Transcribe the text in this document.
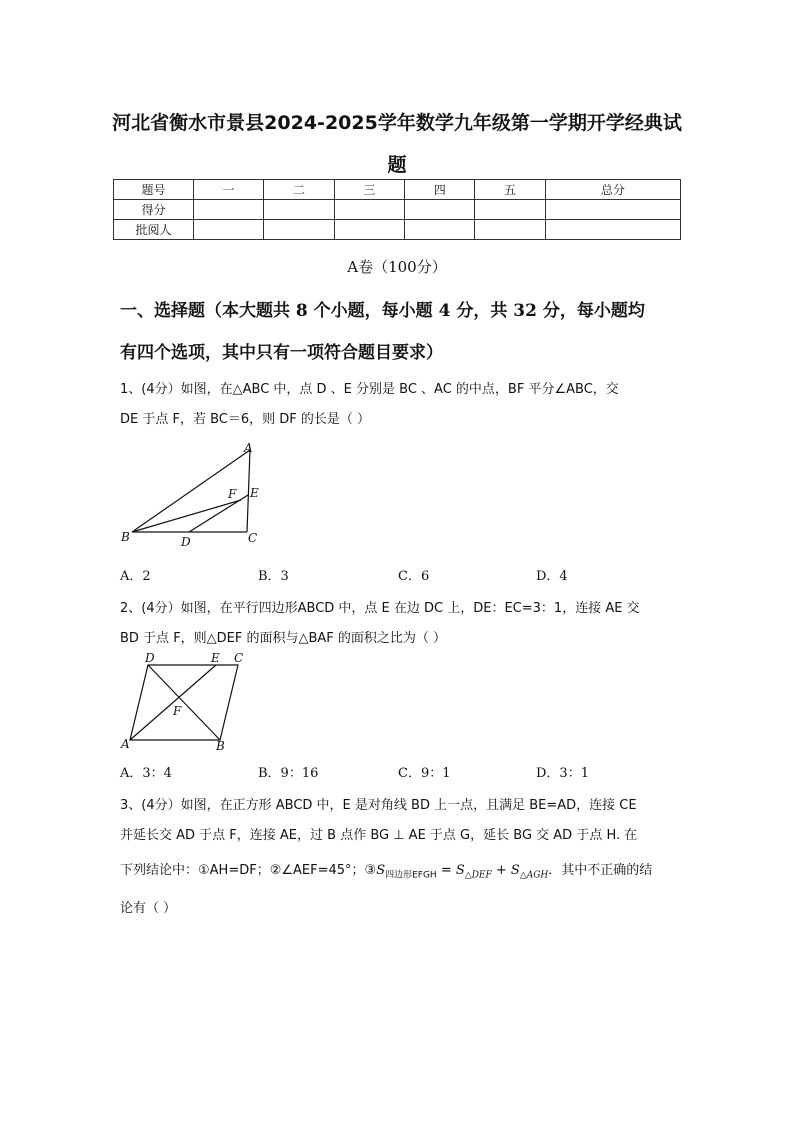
河北省衡水市景县2024-2025学年数学九年级第一学期开学经典试
题
题号	一	二	三	四	五	总分
得分						
批阅人						
A卷（100分）
一、选择题（本大题共 8 个小题，每小题 4 分，共 32 分，每小题均
有四个选项，其中只有一项符合题目要求）
1、(4分）如图，在△ABC 中，点 D 、E 分别是 BC 、AC 的中点，BF 平分∠ABC，交
DE 于点 F，若 BC＝6，则 DF 的长是（ ）
A
F E
B	D	C
A．2	B．3	C．6	D．4
2、(4分）如图，在平行四边形ABCD 中，点 E 在边 DC 上，DE：EC=3：1，连接 AE 交
BD 于点 F，则△DEF 的面积与△BAF 的面积之比为（ ）
D	E C
F
A	B
A．3：4	B．9：16	C．9：1	D．3：1
3、(4分）如图，在正方形 ABCD 中，E 是对角线 BD 上一点，且满足 BE=AD，连接 CE
并延长交 AD 于点 F，连接 AE，过 B 点作 BG ⊥ AE 于点 G，延长 BG 交 AD 于点 H. 在
下列结论中：①AH=DF；②∠AEF=45°；$③S_{四边形EFGH} = S_{\triangle DEF} + S_{\triangle AGH}$．其中不正确的结
论有（ ）
